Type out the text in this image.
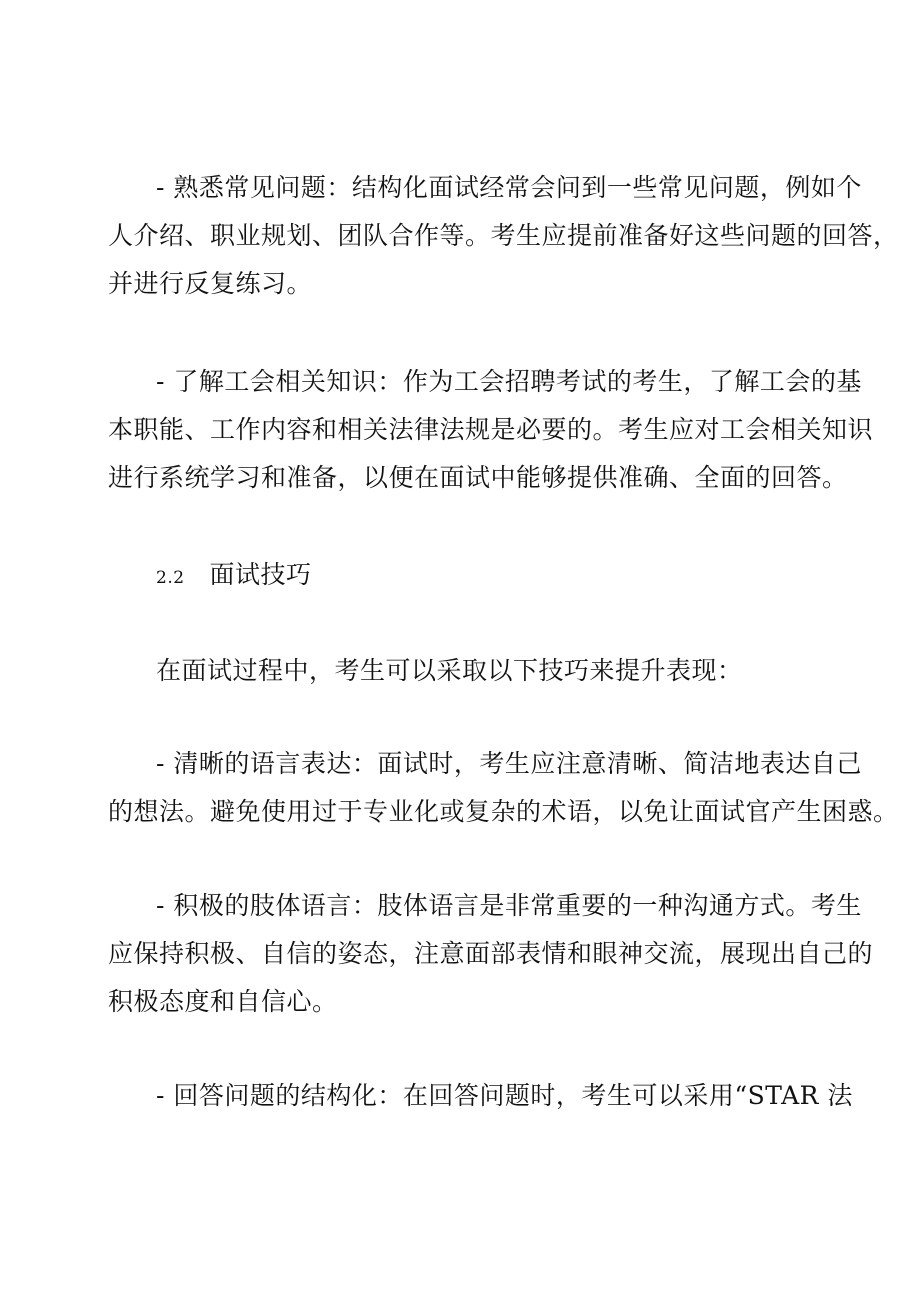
- 熟悉常见问题：结构化面试经常会问到一些常见问题，例如个
人介绍、职业规划、团队合作等。考生应提前准备好这些问题的回答，
并进行反复练习。
- 了解工会相关知识：作为工会招聘考试的考生，了解工会的基
本职能、工作内容和相关法律法规是必要的。考生应对工会相关知识
进行系统学习和准备，以便在面试中能够提供准确、全面的回答。
2.2 面试技巧
在面试过程中，考生可以采取以下技巧来提升表现：
- 清晰的语言表达：面试时，考生应注意清晰、简洁地表达自己
的想法。避免使用过于专业化或复杂的术语，以免让面试官产生困惑。
- 积极的肢体语言：肢体语言是非常重要的一种沟通方式。考生
应保持积极、自信的姿态，注意面部表情和眼神交流，展现出自己的
积极态度和自信心。
- 回答问题的结构化：在回答问题时，考生可以采用“STAR 法
